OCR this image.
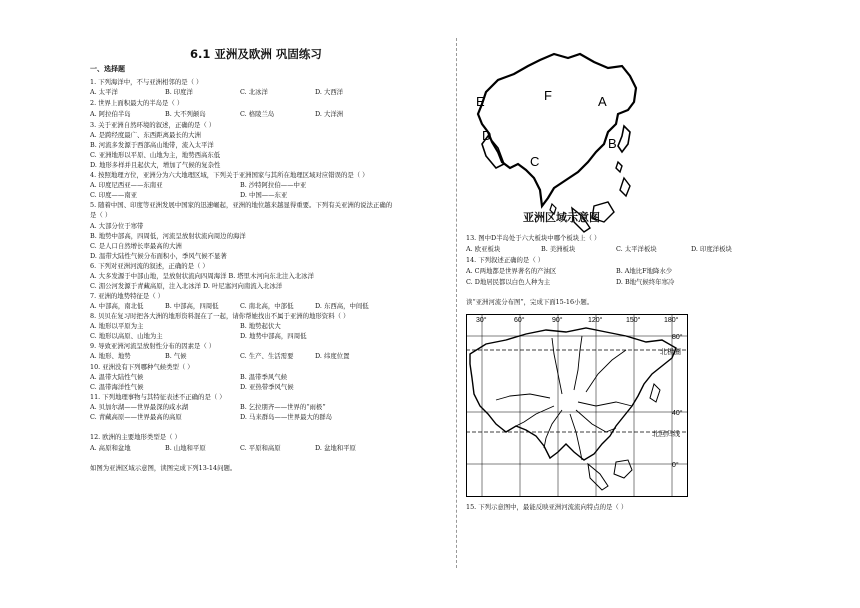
6.1 亚洲及欧洲 巩固练习
一、选择题
1. 下列海洋中，不与亚洲相邻的是（ ）
A. 太平洋	B. 印度洋	C. 北冰洋	D. 大西洋
2. 世界上面积最大的半岛是（ ）
A. 阿拉伯半岛	B. 大不列颠岛	C. 格陵兰岛	D. 大洋洲
3. 关于亚洲自然环境的叙述，正确的是（ ）
A. 是跨经度最广、东西距离最长的大洲
B. 河流多发源于西部高山地带，流入太平洋
C. 亚洲地形以平原、山地为主，地势西高东低
D. 地形多样并且起伏大，增加了气候的复杂性
4. 按照地理方位，亚洲分为六大地理区域，下列关于亚洲国家与其所在地理区域对应错误的是（ ）
A. 印度尼西亚——东南亚	B. 沙特阿拉伯——中亚
C. 印度——南亚	D. 中国——东亚
5. 随着中国、印度等亚洲发展中国家的迅速崛起，亚洲的地位越来越显得重要。下列有关亚洲的说法正确的
是（ ）
A. 大部分位于寒带
B. 地势中部高，四周低，河流呈放射状流向周边的海洋
C. 是人口自然增长率最高的大洲
D. 温带大陆性气候分布面积小，季风气候不显著
6. 下列对亚洲河流的叙述，正确的是（ ）
A. 大多发源于中部山地，呈放射状流向四周海洋 B. 塔里木河向东北注入北冰洋
C. 湄公河发源于青藏高原，注入北冰洋 D. 叶尼塞河向南流入北冰洋
7. 亚洲的地势特征是（ ）
A. 中部高，南北低	B. 中部高，四周低	C. 南北高，中部低	D. 东西高，中间低
8. 贝贝在复习时把各大洲的地形资料混在了一起，请你帮她找出不属于亚洲的地形资料（ ）
A. 地形以平原为主	B. 地势起伏大
C. 地形以高原、山地为主	D. 地势中部高，四周低
9. 导致亚洲河流呈放射性分布的因素是（ ）
A. 地形、地势	B. 气候	C. 生产、生活需要	D. 纬度位置
10. 亚洲没有下列哪种气候类型（ ）
A. 温带大陆性气候	B. 温带季风气候
C. 温带海洋性气候	D. 亚热带季风气候
11. 下列地理事物与其特征表述不正确的是（ ）
A. 贝加尔湖——世界最深的咸水湖	B. 乞拉朋齐——世界的“雨极”
C. 青藏高原——世界最高的高原	D. 马来群岛——世界最大的群岛
12. 欧洲的主要地形类型是（ ）
A. 高原和盆地	B. 山地和平原	C. 平原和高原	D. 盆地和平原
如图为亚洲区域示意图，读图完成下列13-14问题。
13. 图中D半岛处于六大板块中哪个板块上（ ）
A. 欧亚板块	B. 美洲板块	C. 太平洋板块	D. 印度洋板块
14. 下列叙述正确的是（ ）
A. C两地都是世界著名的产油区	B. A地比F地降水少
C. D地居民都以白色人种为主	D. B地气候终年寒冷
读“亚洲河流分布图”，完成下面15-16小题。
15. 下列示意图中，最能反映亚洲河流流向特点的是（ ）
A
B
C
D
E	F
亚洲区域示意图
30°	60°	90°	120°	150°	180°
80°
40°
0°
北极圈
北回归线
